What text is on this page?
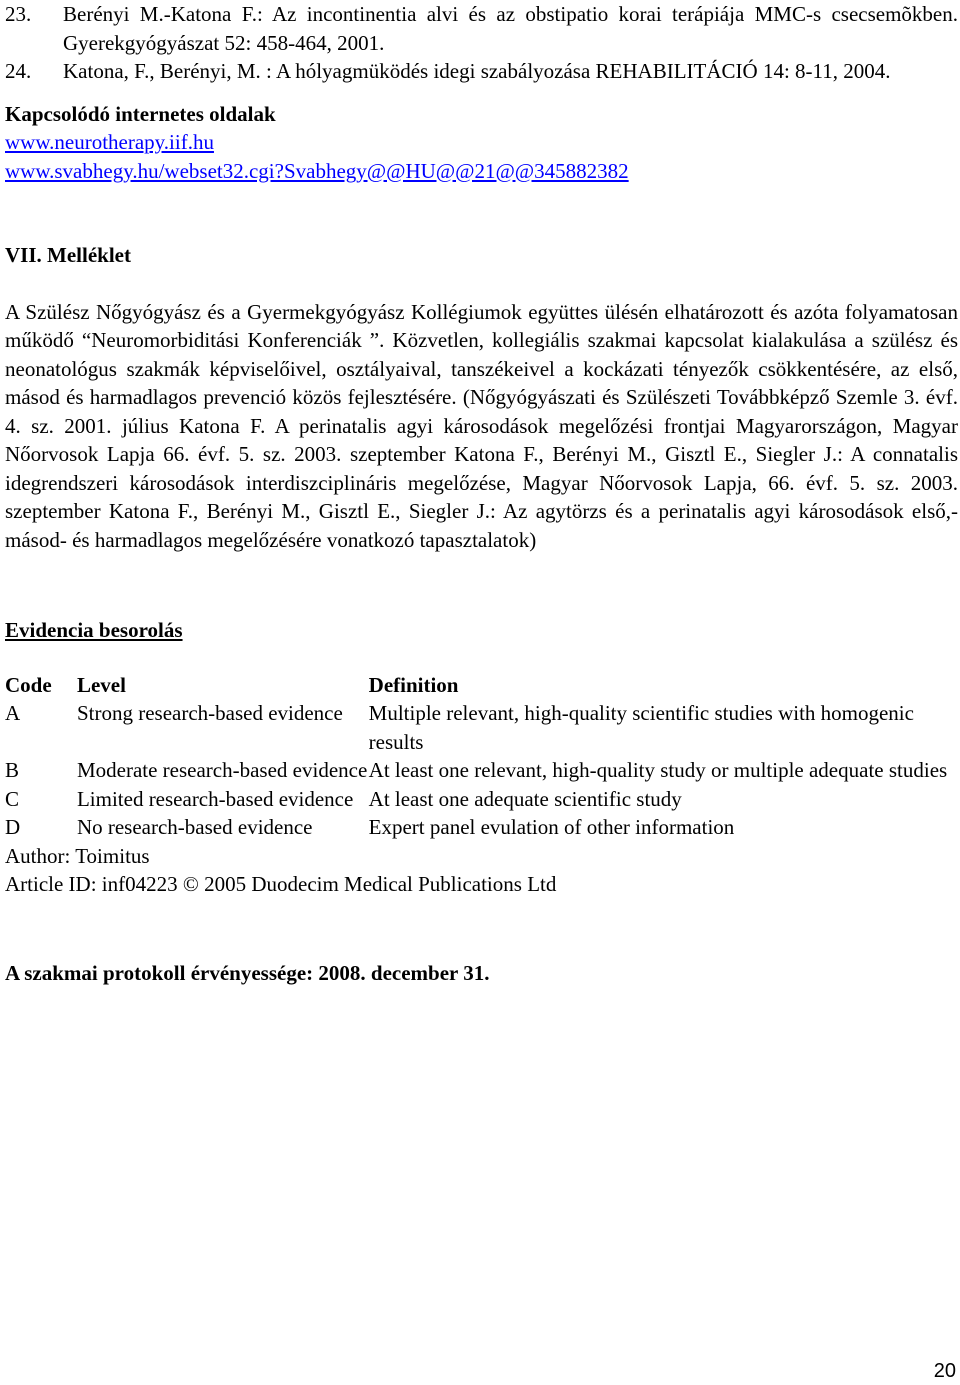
23. Berényi M.-Katona F.: Az incontinentia alvi és az obstipatio korai terápiája MMC-s csecsemõkben. Gyerekgyógyászat 52: 458-464, 2001.
24. Katona, F., Berényi, M. : A hólyagmüködés idegi szabályozása REHABILITÁCIÓ 14: 8-11, 2004.
Kapcsolódó internetes oldalak
www.neurotherapy.iif.hu
www.svabhegy.hu/webset32.cgi?Svabhegy@@HU@@21@@345882382
VII. Melléklet
A Szülész Nőgyógyász és a Gyermekgyógyász Kollégiumok együttes ülésén elhatározott és azóta folyamatosan működő “Neuromorbiditási Konferenciák ”. Közvetlen, kollegiális szakmai kapcsolat kialakulása a szülész és neonatológus szakmák képviselőivel, osztályaival, tanszékeivel a kockázati tényezők csökkentésére, az első, másod és harmadlagos prevenció közös fejlesztésére. (Nőgyógyászati és Szülészeti Továbbképző Szemle 3. évf. 4. sz. 2001. július Katona F. A perinatalis agyi károsodások megelőzési frontjai Magyarországon, Magyar Nőorvosok Lapja 66. évf. 5. sz. 2003. szeptember Katona F., Berényi M., Gisztl E., Siegler J.: A connatalis idegrendszeri károsodások interdiszciplináris megelőzése, Magyar Nőorvosok Lapja, 66. évf. 5. sz. 2003. szeptember Katona F., Berényi M., Gisztl E., Siegler J.: Az agytörzs és a perinatalis agyi károsodások első,- másod- és harmadlagos megelőzésére vonatkozó tapasztalatok)
Evidencia besorolás
Code	Level	Definition
A	Strong research-based evidence	Multiple relevant, high-quality scientific studies with homogenic results
B	Moderate research-based evidence	At least one relevant, high-quality study or multiple adequate studies
C	Limited research-based evidence	At least one adequate scientific study
D	No research-based evidence	Expert panel evulation of other information
Author: Toimitus
Article ID: inf04223 © 2005 Duodecim Medical Publications Ltd
A szakmai protokoll érvényessége: 2008. december 31.
20
